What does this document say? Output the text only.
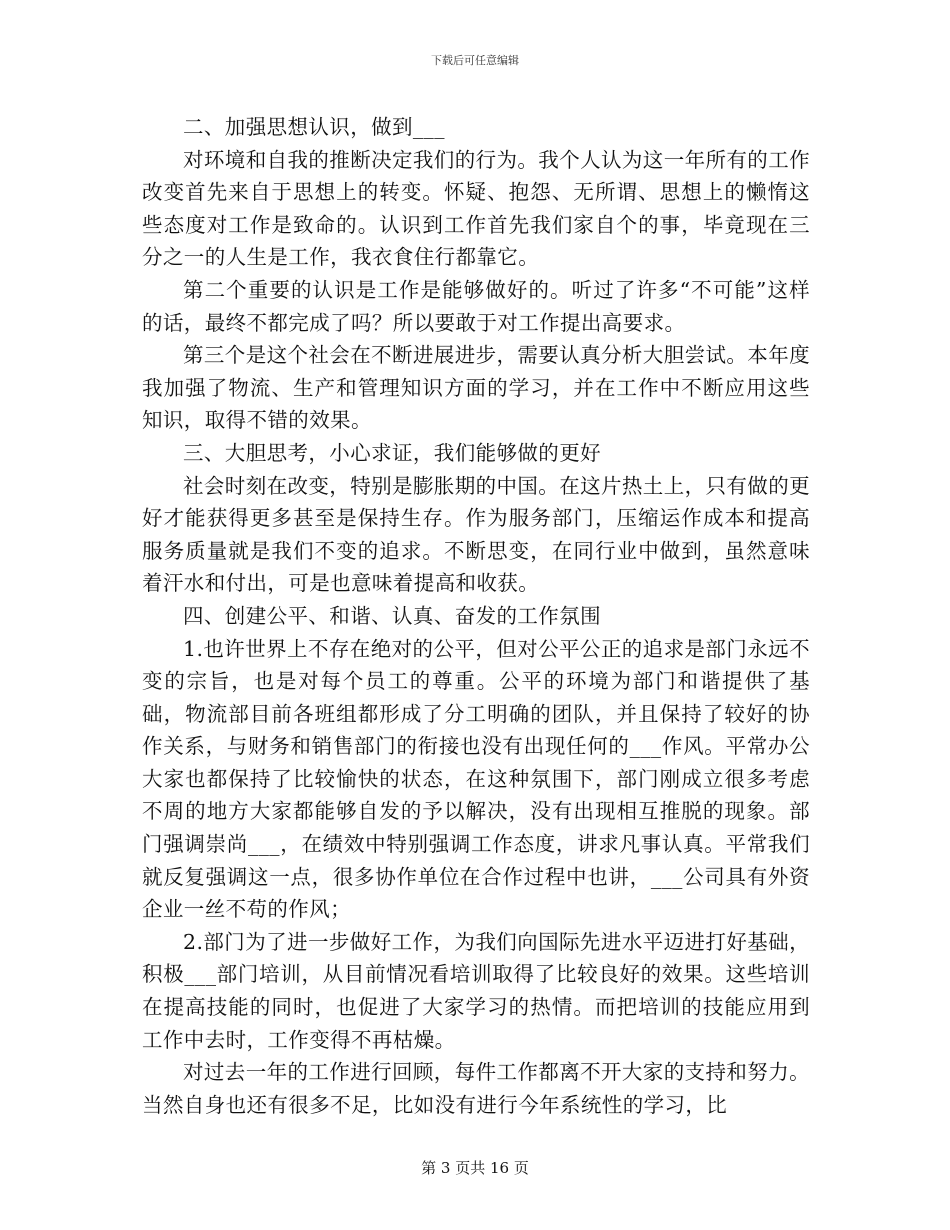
下载后可任意编辑

二、加强思想认识，做到___

对环境和自我的推断决定我们的行为。我个人认为这一年所有的工作改变首先来自于思想上的转变。怀疑、抱怨、无所谓、思想上的懒惰这些态度对工作是致命的。认识到工作首先我们家自个的事，毕竟现在三分之一的人生是工作，我衣食住行都靠它。

第二个重要的认识是工作是能够做好的。听过了许多“不可能”这样的话，最终不都完成了吗？所以要敢于对工作提出高要求。

第三个是这个社会在不断进展进步，需要认真分析大胆尝试。本年度我加强了物流、生产和管理知识方面的学习，并在工作中不断应用这些知识，取得不错的效果。

三、大胆思考，小心求证，我们能够做的更好

社会时刻在改变，特别是膨胀期的中国。在这片热土上，只有做的更好才能获得更多甚至是保持生存。作为服务部门，压缩运作成本和提高服务质量就是我们不变的追求。不断思变，在同行业中做到，虽然意味着汗水和付出，可是也意味着提高和收获。

四、创建公平、和谐、认真、奋发的工作氛围

1.也许世界上不存在绝对的公平，但对公平公正的追求是部门永远不变的宗旨，也是对每个员工的尊重。公平的环境为部门和谐提供了基础，物流部目前各班组都形成了分工明确的团队，并且保持了较好的协作关系，与财务和销售部门的衔接也没有出现任何的___作风。平常办公大家也都保持了比较愉快的状态，在这种氛围下，部门刚成立很多考虑不周的地方大家都能够自发的予以解决，没有出现相互推脱的现象。部门强调崇尚___，在绩效中特别强调工作态度，讲求凡事认真。平常我们就反复强调这一点，很多协作单位在合作过程中也讲，___公司具有外资企业一丝不苟的作风；

2.部门为了进一步做好工作，为我们向国际先进水平迈进打好基础，积极___部门培训，从目前情况看培训取得了比较良好的效果。这些培训在提高技能的同时，也促进了大家学习的热情。而把培训的技能应用到工作中去时，工作变得不再枯燥。

对过去一年的工作进行回顾，每件工作都离不开大家的支持和努力。当然自身也还有很多不足，比如没有进行今年系统性的学习，比

第 3 页共 16 页
